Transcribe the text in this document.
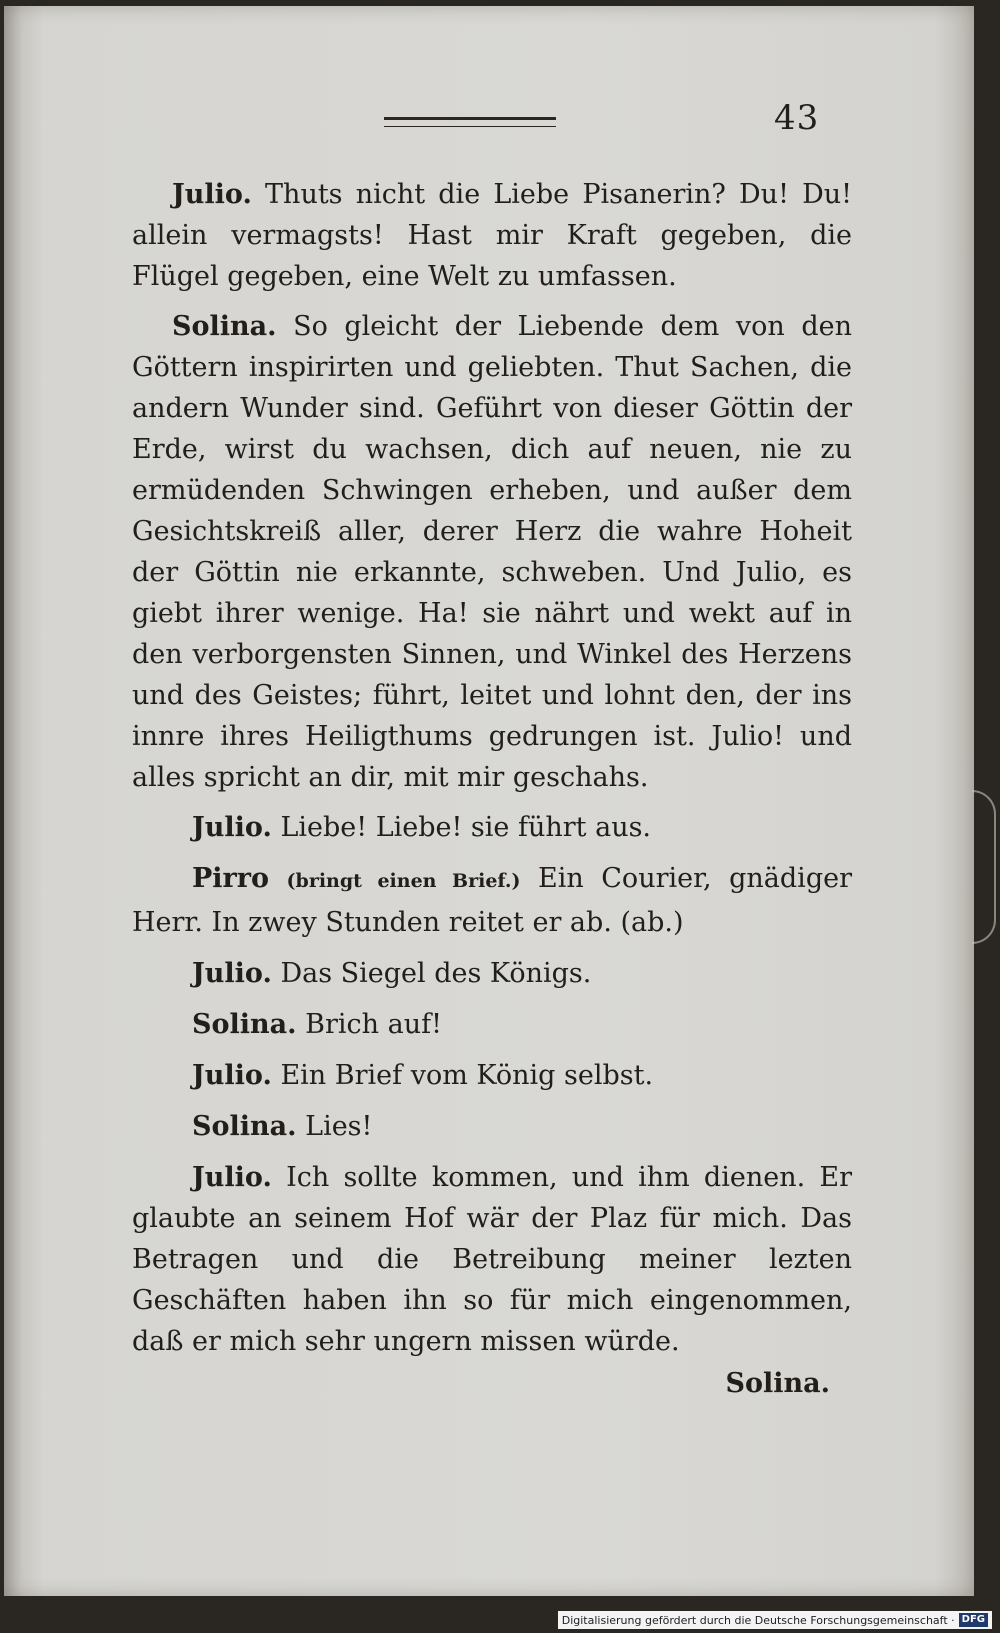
43

Julio. Thuts nicht die Liebe Pisanerin? Du! Du! allein vermagsts! Hast mir Kraft gegeben, die Flügel gegeben, eine Welt zu umfassen.

Solina. So gleicht der Liebende dem von den Göttern inspirirten und geliebten. Thut Sachen, die andern Wunder sind. Geführt von dieser Göttin der Erde, wirst du wachsen, dich auf neuen, nie zu ermüdenden Schwingen erheben, und außer dem Gesichtskreiß aller, derer Herz die wahre Hoheit der Göttin nie erkannte, schweben. Und Julio, es giebt ihrer wenige. Ha! sie nährt und wekt auf in den verborgensten Sinnen, und Winkel des Herzens und des Geistes; führt, leitet und lohnt den, der ins innre ihres Heiligthums gedrungen ist. Julio! und alles spricht an dir, mit mir geschahs.

Julio. Liebe! Liebe! sie führt aus.

Pirro (bringt einen Brief.) Ein Courier, gnädiger Herr. In zwey Stunden reitet er ab. (ab.)

Julio. Das Siegel des Königs.

Solina. Brich auf!

Julio. Ein Brief vom König selbst.

Solina. Lies!

Julio. Ich sollte kommen, und ihm dienen. Er glaubte an seinem Hof wär der Plaz für mich. Das Betragen und die Betreibung meiner lezten Geschäften haben ihn so für mich eingenommen, daß er mich sehr ungern missen würde.

Solina.
Digitalisierung gefördert durch die Deutsche Forschungsgemeinschaft · DFG
